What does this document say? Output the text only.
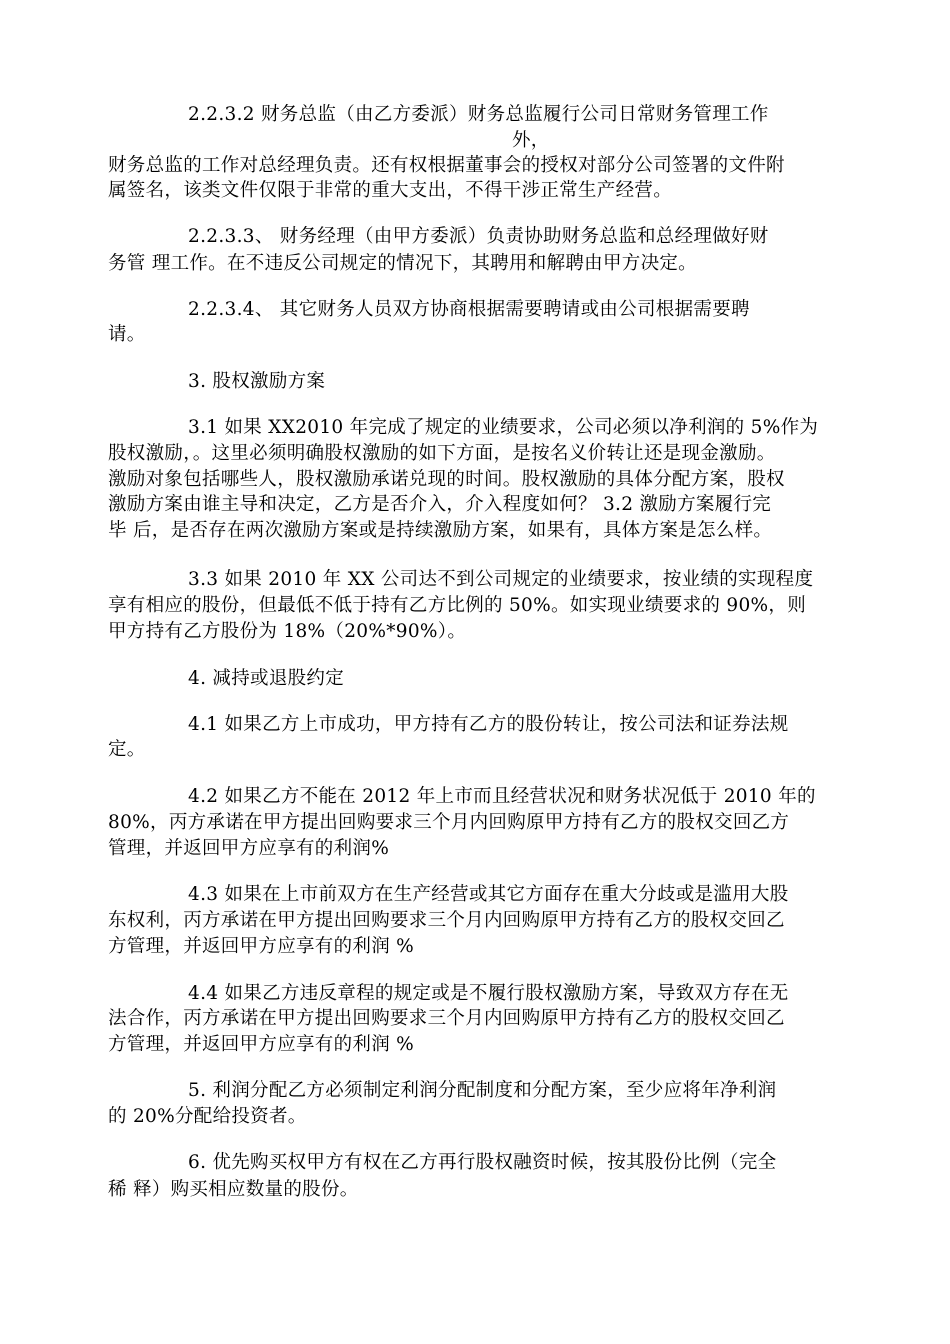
2.2.3.2 财务总监（由乙方委派）财务总监履行公司日常财务管理工作
外，
财务总监的工作对总经理负责。还有权根据董事会的授权对部分公司签署的文件附
属签名，该类文件仅限于非常的重大支出，不得干涉正常生产经营。
2.2.3.3、 财务经理（由甲方委派）负责协助财务总监和总经理做好财
务管 理工作。在不违反公司规定的情况下，其聘用和解聘由甲方决定。
2.2.3.4、 其它财务人员双方协商根据需要聘请或由公司根据需要聘
请。
3. 股权激励方案
3.1 如果 XX2010 年完成了规定的业绩要求，公司必须以净利润的 5%作为
股权激励，。这里必须明确股权激励的如下方面，是按名义价转让还是现金激励。
激励对象包括哪些人，股权激励承诺兑现的时间。股权激励的具体分配方案，股权
激励方案由谁主导和决定，乙方是否介入，介入程度如何？ 3.2 激励方案履行完
毕 后，是否存在两次激励方案或是持续激励方案，如果有，具体方案是怎么样。
3.3 如果 2010 年 XX 公司达不到公司规定的业绩要求，按业绩的实现程度
享有相应的股份，但最低不低于持有乙方比例的 50%。如实现业绩要求的 90%，则
甲方持有乙方股份为 18%（20%*90%）。
4. 减持或退股约定
4.1 如果乙方上市成功，甲方持有乙方的股份转让，按公司法和证券法规
定。
4.2 如果乙方不能在 2012 年上市而且经营状况和财务状况低于 2010 年的
80%，丙方承诺在甲方提出回购要求三个月内回购原甲方持有乙方的股权交回乙方
管理，并返回甲方应享有的利润%
4.3 如果在上市前双方在生产经营或其它方面存在重大分歧或是滥用大股
东权利，丙方承诺在甲方提出回购要求三个月内回购原甲方持有乙方的股权交回乙
方管理，并返回甲方应享有的利润 %
4.4 如果乙方违反章程的规定或是不履行股权激励方案，导致双方存在无
法合作，丙方承诺在甲方提出回购要求三个月内回购原甲方持有乙方的股权交回乙
方管理，并返回甲方应享有的利润 %
5. 利润分配乙方必须制定利润分配制度和分配方案，至少应将年净利润
的 20%分配给投资者。
6. 优先购买权甲方有权在乙方再行股权融资时候，按其股份比例（完全
稀 释）购买相应数量的股份。
